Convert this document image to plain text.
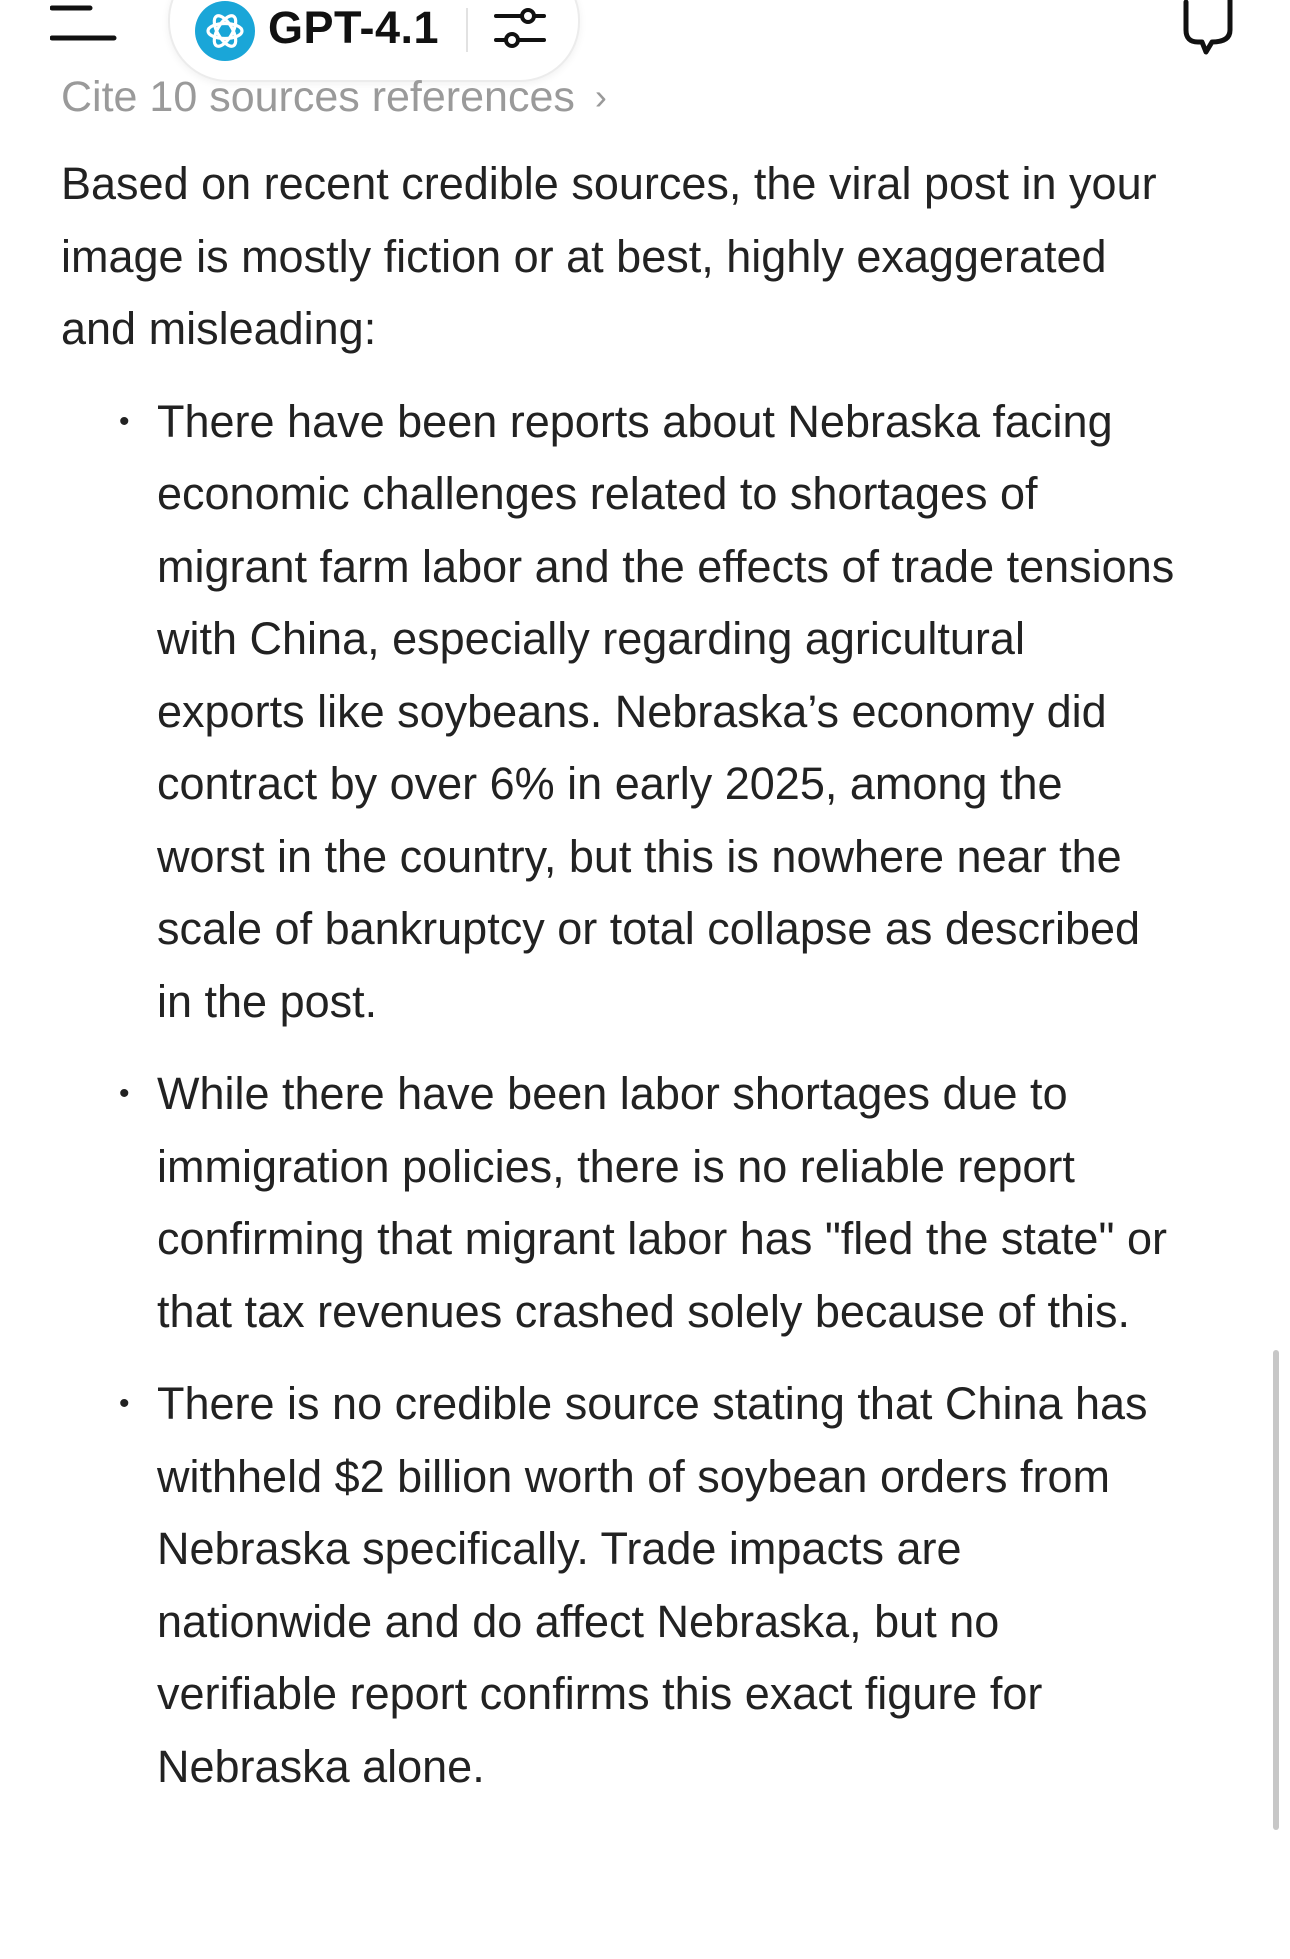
GPT-4.1
Cite 10 sources references ›

Based on recent credible sources, the viral post in your image is mostly fiction or at best, highly exaggerated and misleading:

• There have been reports about Nebraska facing economic challenges related to shortages of migrant farm labor and the effects of trade tensions with China, especially regarding agricultural exports like soybeans. Nebraska’s economy did contract by over 6% in early 2025, among the worst in the country, but this is nowhere near the scale of bankruptcy or total collapse as described in the post.
• While there have been labor shortages due to immigration policies, there is no reliable report confirming that migrant labor has "fled the state" or that tax revenues crashed solely because of this.
• There is no credible source stating that China has withheld $2 billion worth of soybean orders from Nebraska specifically. Trade impacts are nationwide and do affect Nebraska, but no verifiable report confirms this exact figure for Nebraska alone.
